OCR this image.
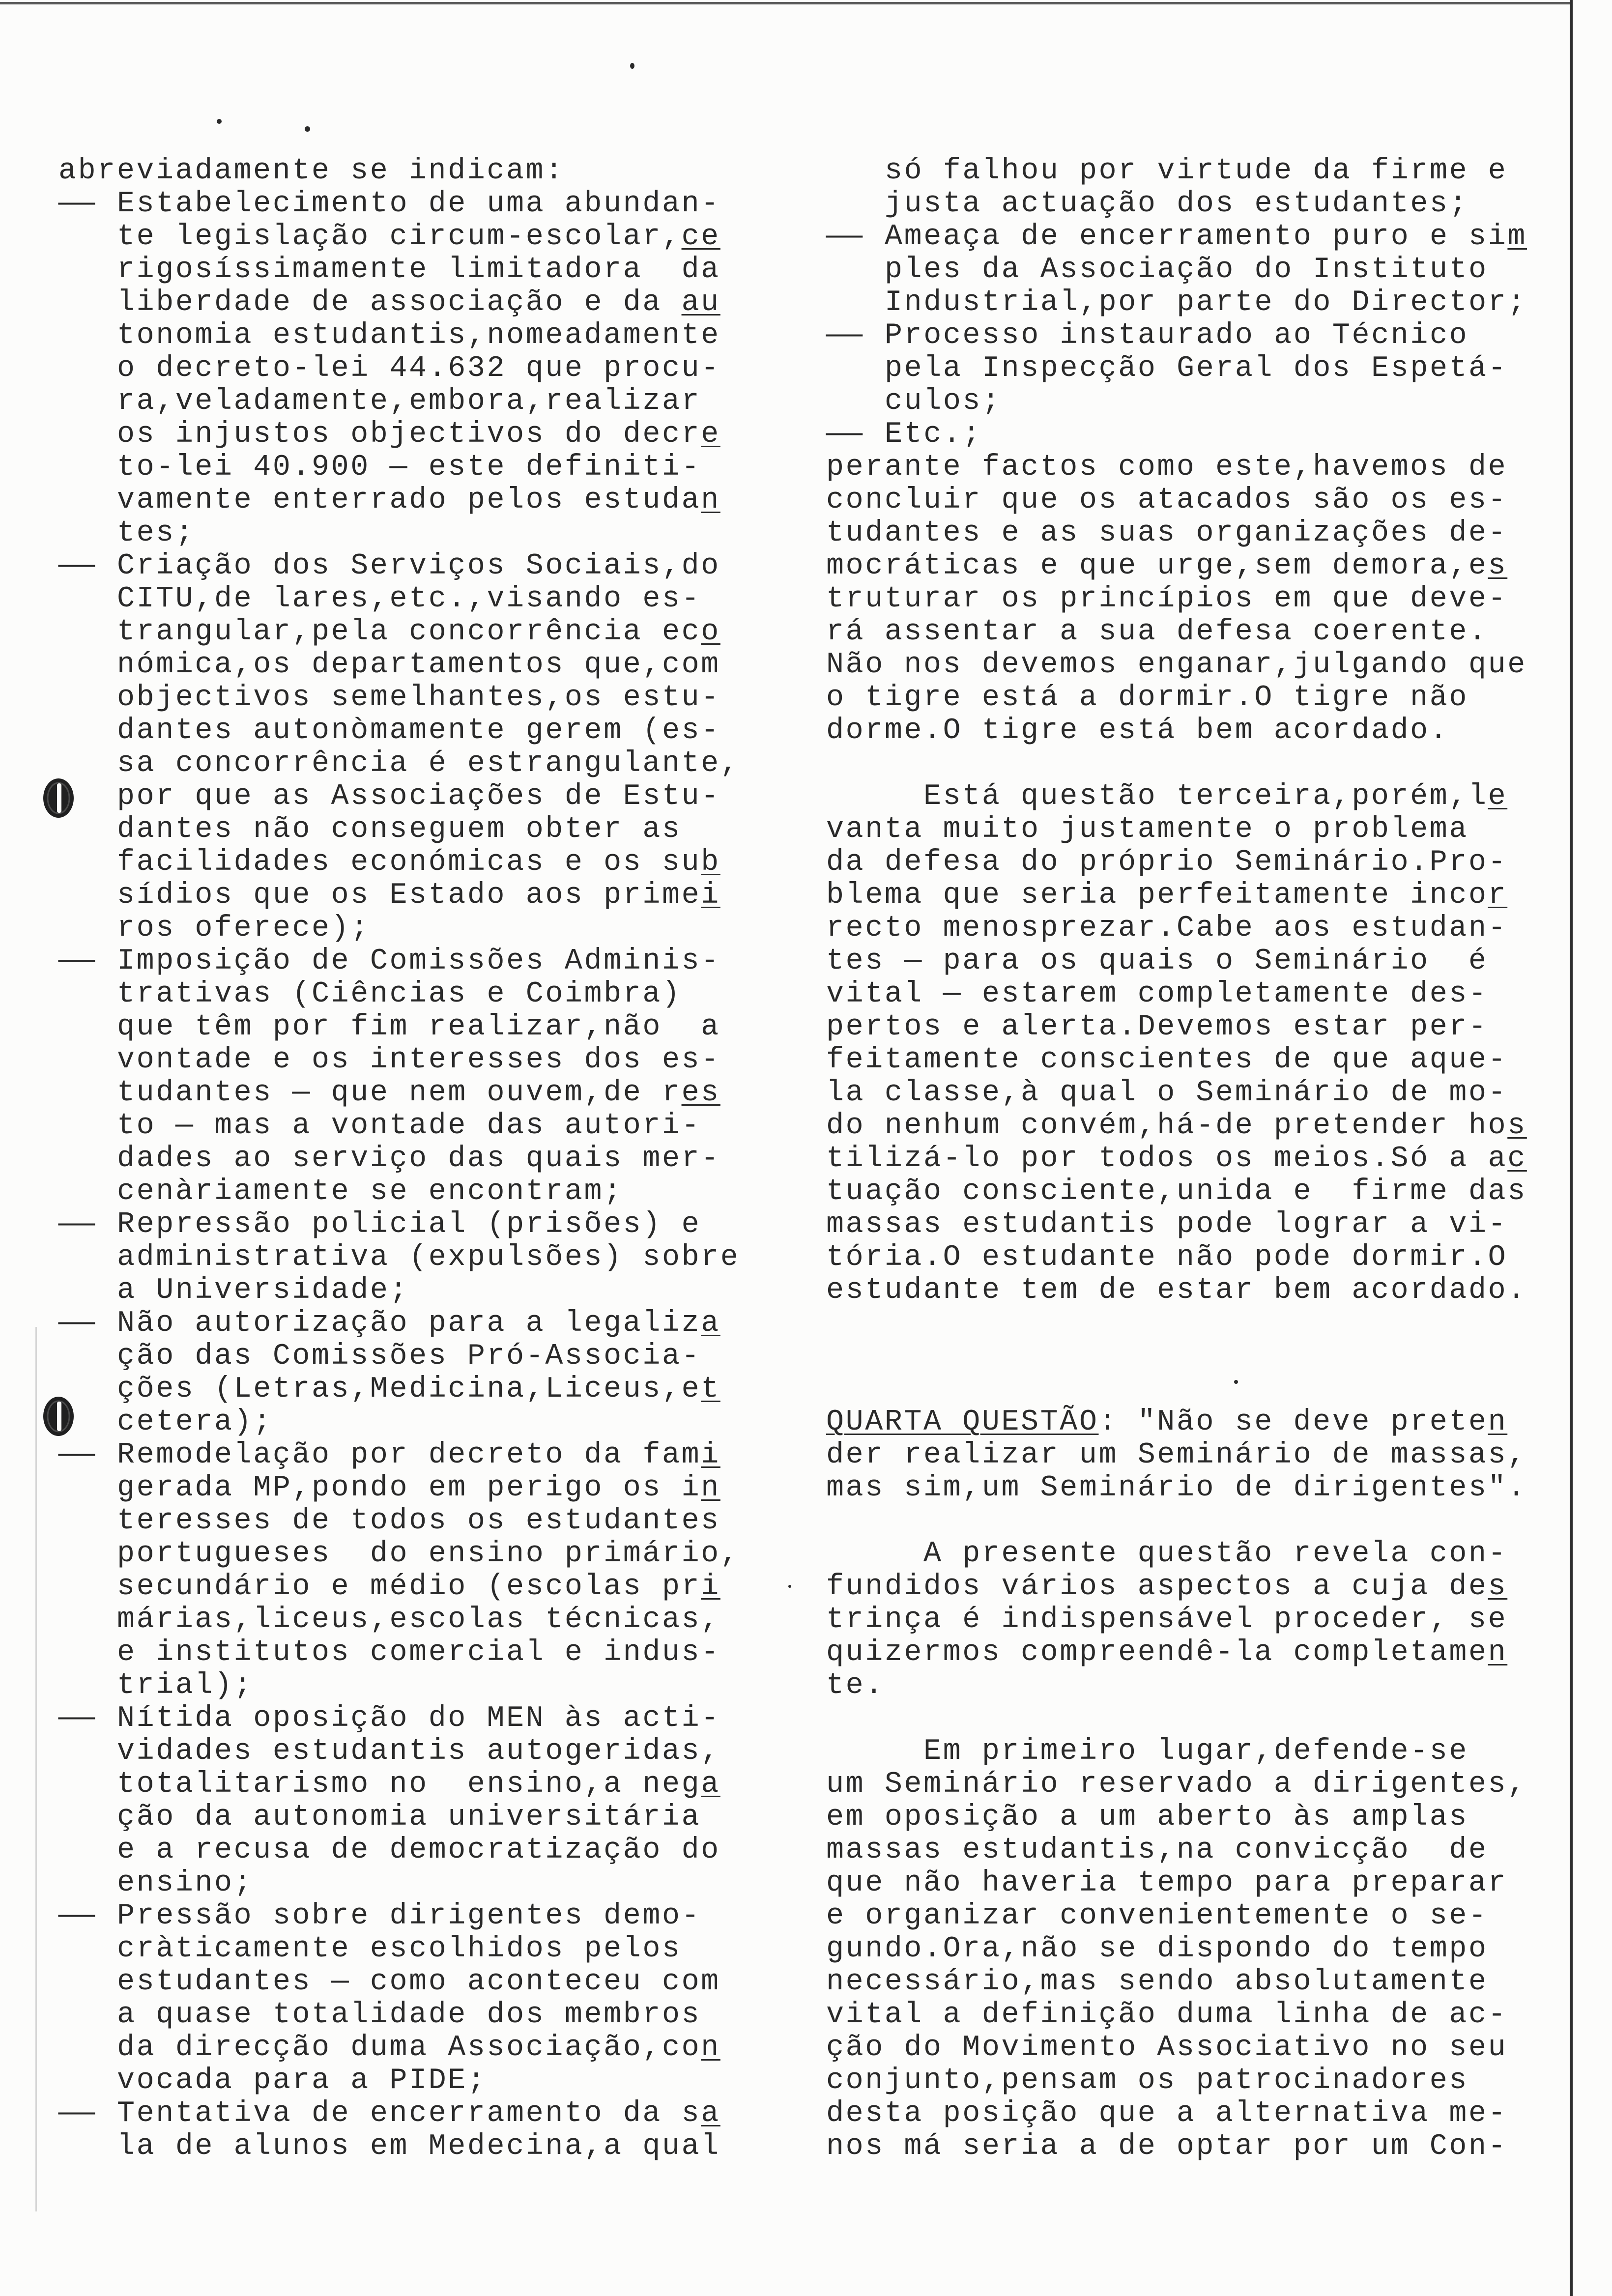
abreviadamente se indicam:
— Estabelecimento de uma abundan-
te legislação circum-escolar,ce
rigosíssimamente limitadora  da
liberdade de associação e da au
tonomia estudantis,nomeadamente
o decreto-lei 44.632 que procu-
ra,veladamente,embora,realizar
os injustos objectivos do decre
to-lei 40.900 — este definiti-
vamente enterrado pelos estudan
tes;
— Criação dos Serviços Sociais,do
CITU,de lares,etc.,visando es-
trangular,pela concorrência eco
nómica,os departamentos que,com
objectivos semelhantes,os estu-
dantes autonòmamente gerem (es-
sa concorrência é estrangulante,
por que as Associações de Estu-
dantes não conseguem obter as
facilidades económicas e os sub
sídios que os Estado aos primei
ros oferece);
— Imposição de Comissões Adminis-
trativas (Ciências e Coimbra)
que têm por fim realizar,não  a
vontade e os interesses dos es-
tudantes — que nem ouvem,de res
to — mas a vontade das autori-
dades ao serviço das quais mer-
cenàriamente se encontram;
— Repressão policial (prisões) e
administrativa (expulsões) sobre
a Universidade;
— Não autorização para a legaliza
ção das Comissões Pró-Associa-
ções (Letras,Medicina,Liceus,et
cetera);
— Remodelação por decreto da fami
gerada MP,pondo em perigo os in
teresses de todos os estudantes
portugueses  do ensino primário,
secundário e médio (escolas pri
márias,liceus,escolas técnicas,
e institutos comercial e indus-
trial);
— Nítida oposição do MEN às acti-
vidades estudantis autogeridas,
totalitarismo no  ensino,a nega
ção da autonomia universitária
e a recusa de democratização do
ensino;
— Pressão sobre dirigentes demo-
cràticamente escolhidos pelos
estudantes — como aconteceu com
a quase totalidade dos membros
da direcção duma Associação,con
vocada para a PIDE;
— Tentativa de encerramento da sa
la de alunos em Medecina,a qual
só falhou por virtude da firme e
justa actuação dos estudantes;
— Ameaça de encerramento puro e sim
ples da Associação do Instituto
Industrial,por parte do Director;
— Processo instaurado ao Técnico
pela Inspecção Geral dos Espetá-
culos;
— Etc.;
perante factos como este,havemos de
concluir que os atacados são os es-
tudantes e as suas organizações de-
mocráticas e que urge,sem demora,es
truturar os princípios em que deve-
rá assentar a sua defesa coerente.
Não nos devemos enganar,julgando que
o tigre está a dormir.O tigre não
dorme.O tigre está bem acordado.
Está questão terceira,porém,le
vanta muito justamente o problema
da defesa do próprio Seminário.Pro-
blema que seria perfeitamente incor
recto menosprezar.Cabe aos estudan-
tes — para os quais o Seminário  é
vital — estarem completamente des-
pertos e alerta.Devemos estar per-
feitamente conscientes de que aque-
la classe,à qual o Seminário de mo-
do nenhum convém,há-de pretender hos
tilizá-lo por todos os meios.Só a ac
tuação consciente,unida e  firme das
massas estudantis pode lograr a vi-
tória.O estudante não pode dormir.O
estudante tem de estar bem acordado.
QUARTA QUESTÃO: "Não se deve preten
der realizar um Seminário de massas,
mas sim,um Seminário de dirigentes".
A presente questão revela con-
fundidos vários aspectos a cuja des
trinça é indispensável proceder, se
quizermos compreendê-la completamen
te.
Em primeiro lugar,defende-se
um Seminário reservado a dirigentes,
em oposição a um aberto às amplas
massas estudantis,na convicção  de
que não haveria tempo para preparar
e organizar convenientemente o se-
gundo.Ora,não se dispondo do tempo
necessário,mas sendo absolutamente
vital a definição duma linha de ac-
ção do Movimento Associativo no seu
conjunto,pensam os patrocinadores
desta posição que a alternativa me-
nos má seria a de optar por um Con-
